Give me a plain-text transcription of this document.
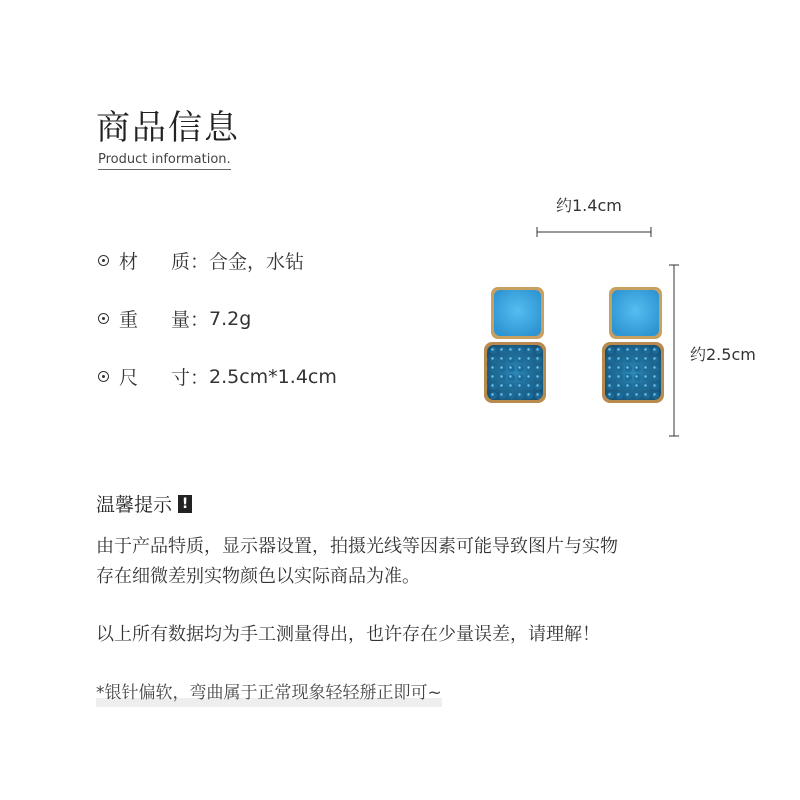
商品信息
Product information.
材	质： 合金，水钻
重	量： 7.2g
尺	寸： 2.5cm*1.4cm
约1.4cm
约2.5cm
温馨提示 !
由于产品特质，显示器设置，拍摄光线等因素可能导致图片与实物
存在细微差别实物颜色以实际商品为准。
以上所有数据均为手工测量得出，也许存在少量误差，请理解！
*银针偏软，弯曲属于正常现象轻轻掰正即可~
